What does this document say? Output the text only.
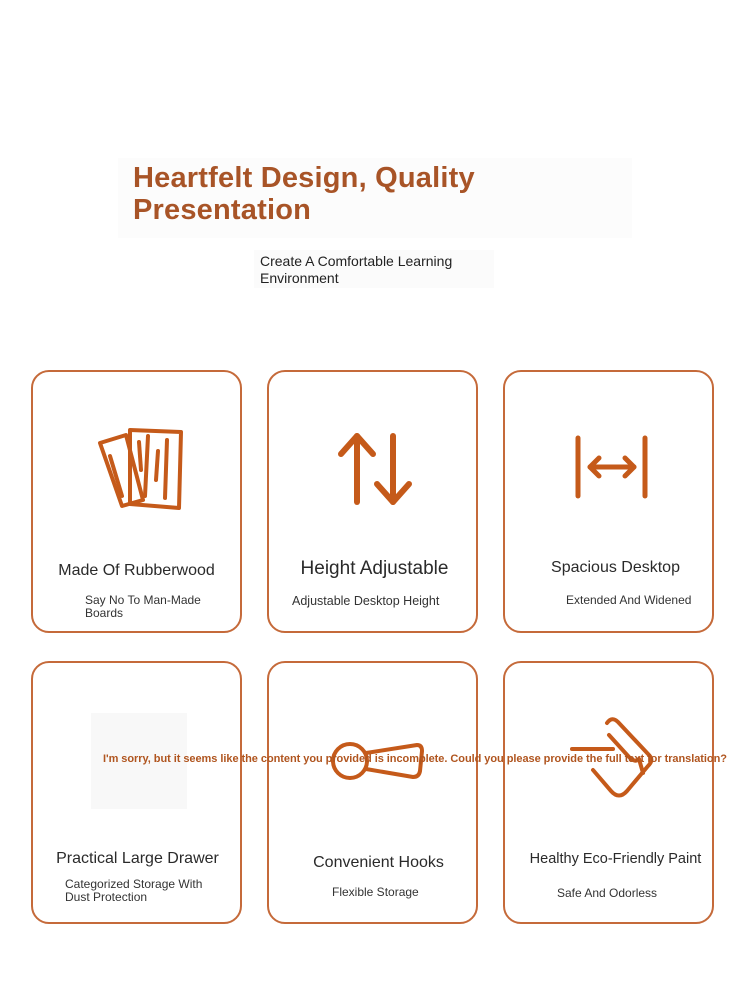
Heartfelt Design, Quality Presentation

Create A Comfortable Learning Environment

Made Of Rubberwood
Say No To Man-Made Boards
Height Adjustable
Adjustable Desktop Height
Spacious Desktop
Extended And Widened
Practical Large Drawer
Categorized Storage With Dust Protection
Convenient Hooks
Flexible Storage
Healthy Eco-Friendly Paint
Safe And Odorless
I'm sorry, but it seems like the content you provided is incomplete. Could you please provide the full text for translation?
